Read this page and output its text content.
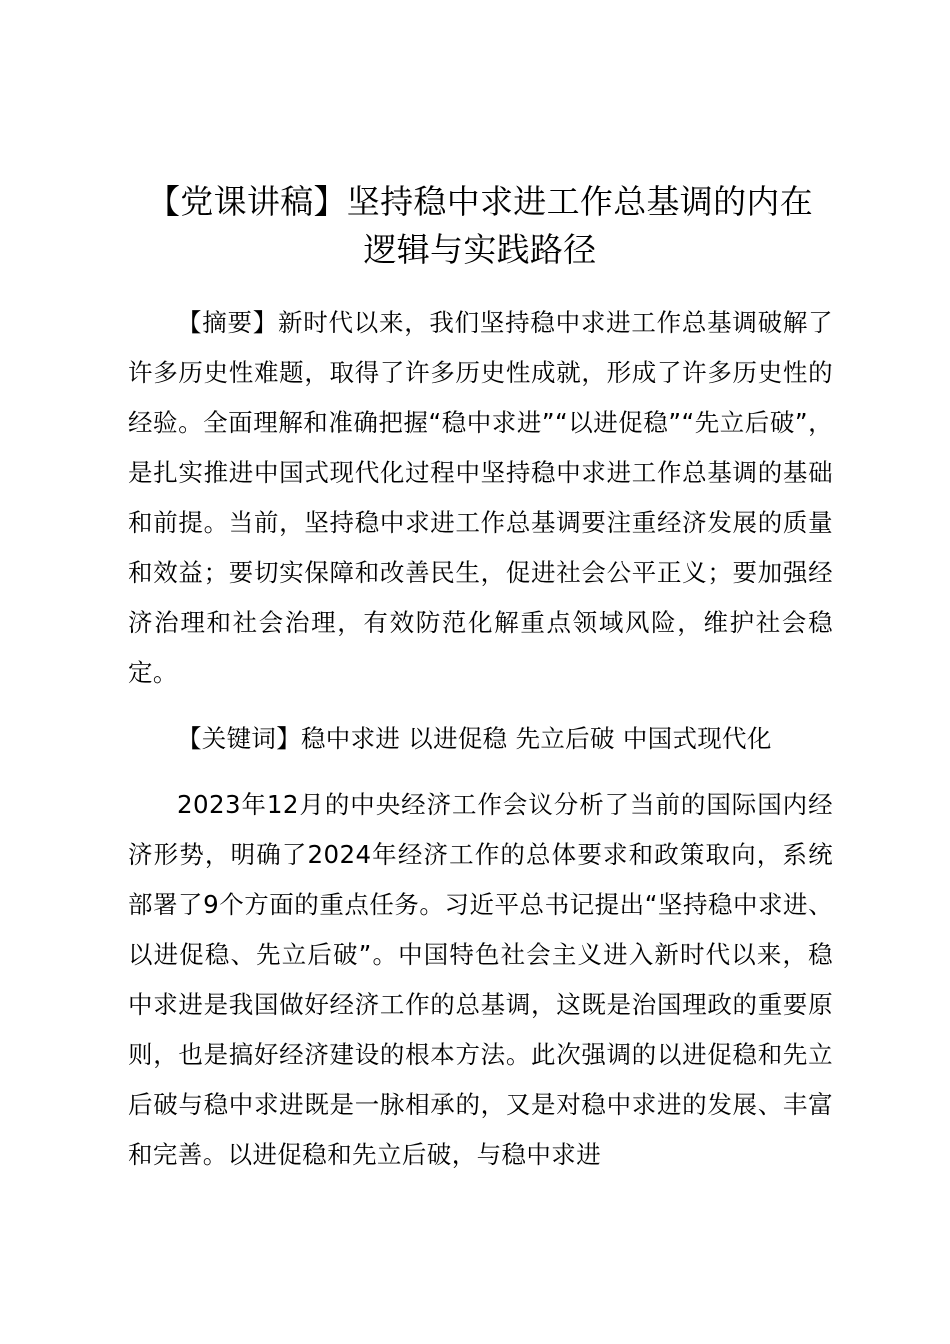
【党课讲稿】坚持稳中求进工作总基调的内在
逻辑与实践路径

【摘要】新时代以来，我们坚持稳中求进工作总基调破解了许多历史性难题，取得了许多历史性成就，形成了许多历史性的经验。全面理解和准确把握“稳中求进”“以进促稳”“先立后破”，是扎实推进中国式现代化过程中坚持稳中求进工作总基调的基础和前提。当前，坚持稳中求进工作总基调要注重经济发展的质量和效益；要切实保障和改善民生，促进社会公平正义；要加强经济治理和社会治理，有效防范化解重点领域风险，维护社会稳定。

【关键词】稳中求进 以进促稳 先立后破 中国式现代化

2023年12月的中央经济工作会议分析了当前的国际国内经济形势，明确了2024年经济工作的总体要求和政策取向，系统部署了9个方面的重点任务。习近平总书记提出“坚持稳中求进、以进促稳、先立后破”。中国特色社会主义进入新时代以来，稳中求进是我国做好经济工作的总基调，这既是治国理政的重要原则，也是搞好经济建设的根本方法。此次强调的以进促稳和先立后破与稳中求进既是一脉相承的，又是对稳中求进的发展、丰富和完善。以进促稳和先立后破，与稳中求进
